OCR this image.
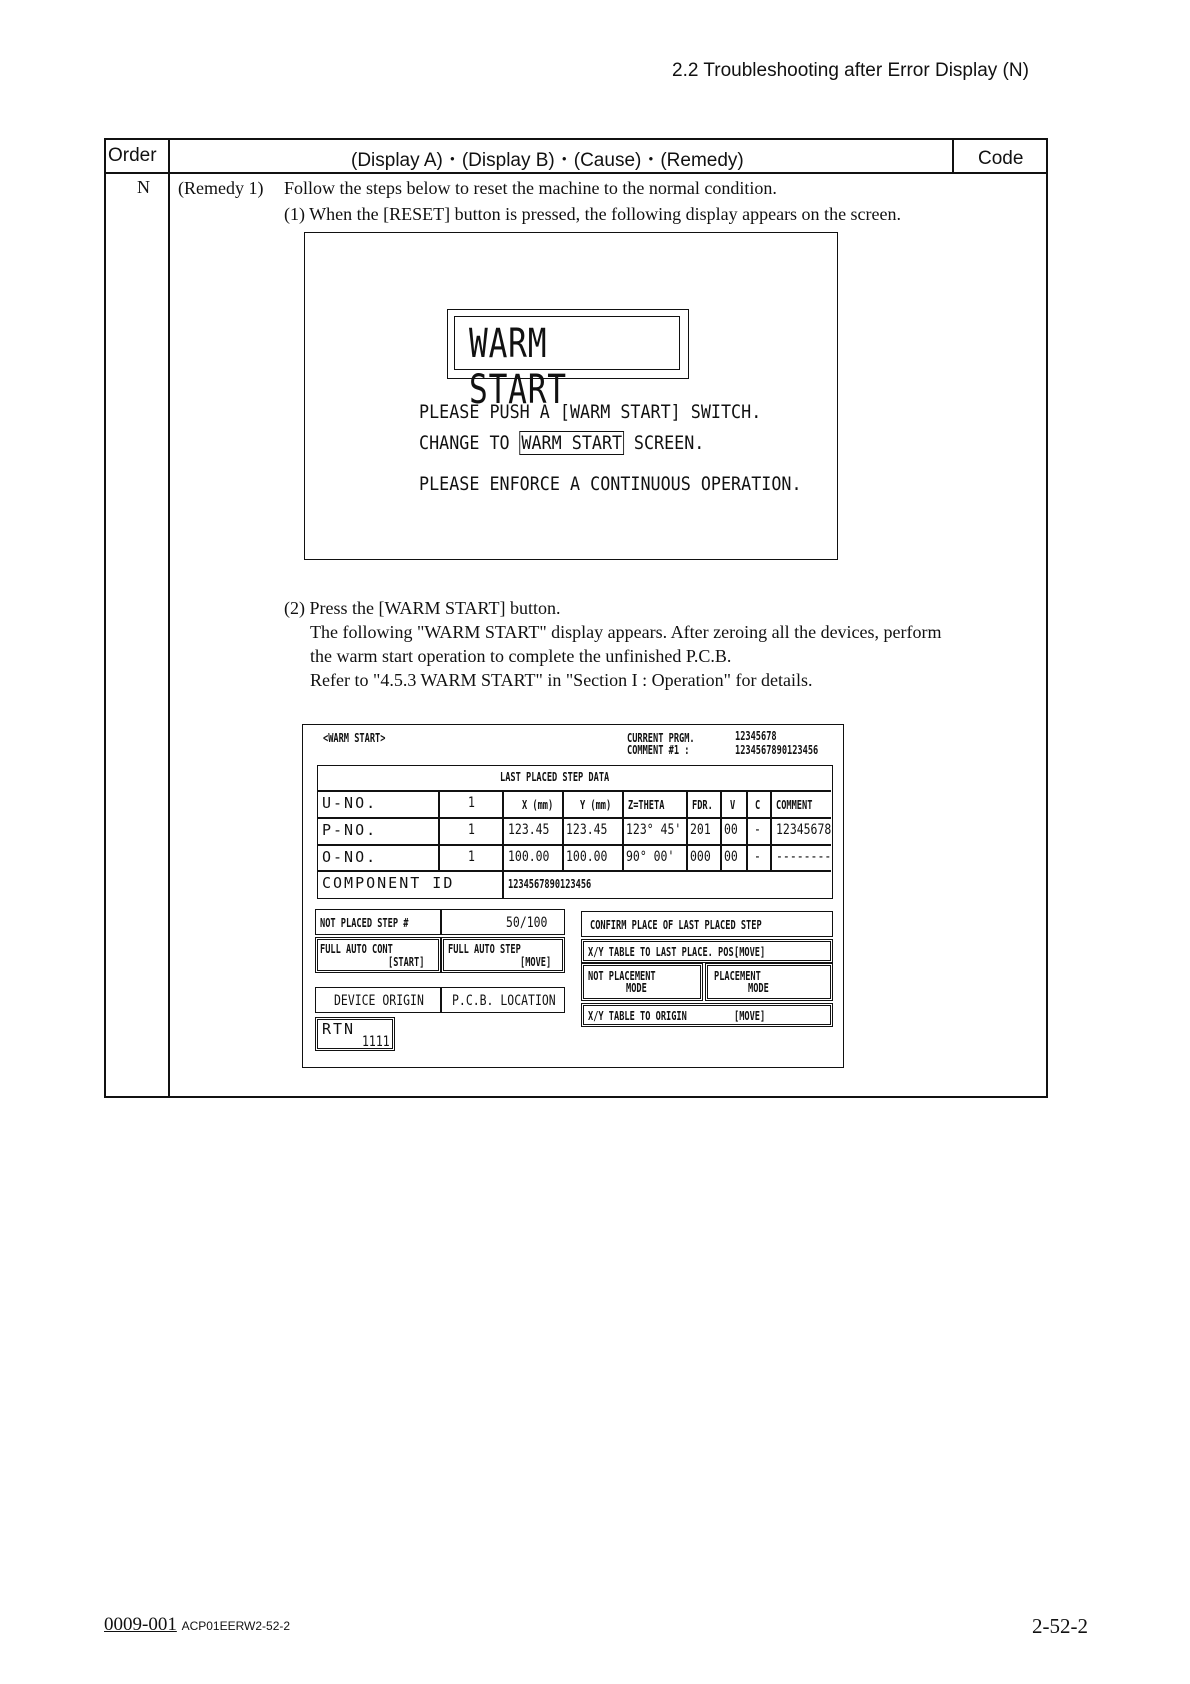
2.2 Troubleshooting after Error Display (N)
Order	(Display A)・(Display B)・(Cause)・(Remedy)	Code
N (Remedy 1) Follow the steps below to reset the machine to the normal condition.
(1) When the [RESET] button is pressed, the following display appears on the screen.
(2) Press the [WARM START] button.
The following "WARM START" display appears. After zeroing all the devices, perform
the warm start operation to complete the unfinished P.C.B.
Refer to "4.5.3 WARM START" in "Section I : Operation" for details.
WARM START
PLEASE PUSH A [WARM START] SWITCH.
CHANGE TO WARM START SCREEN.
PLEASE ENFORCE A CONTINUOUS OPERATION.
<WARM START>	CURRENT PRGM.	12345678
COMMENT #1 :	1234567890123456
LAST PLACED STEP DATA
X (mm) Y (mm) Z=THETA FDR. V C COMMENT
U-NO.	1
P-NO.	1 123.45 123.45 123° 45' 201 00 - 12345678
O-NO.	1 100.00 100.00 90° 00' 000 00 - --------
COMPONENT ID	1234567890123456
NOT PLACED STEP #	50/100
FULL AUTO CONT
[START]
FULL AUTO STEP
[MOVE]
DEVICE ORIGIN P.C.B. LOCATION
RTN
1111
CONFIRM PLACE OF LAST PLACED STEP
X/Y TABLE TO LAST PLACE. POS.
[MOVE]
NOT PLACEMENT
MODE
PLACEMENT
MODE
X/Y TABLE TO ORIGIN	[MOVE]
0009-001 ACP01EERW2-52-2	2-52-2
